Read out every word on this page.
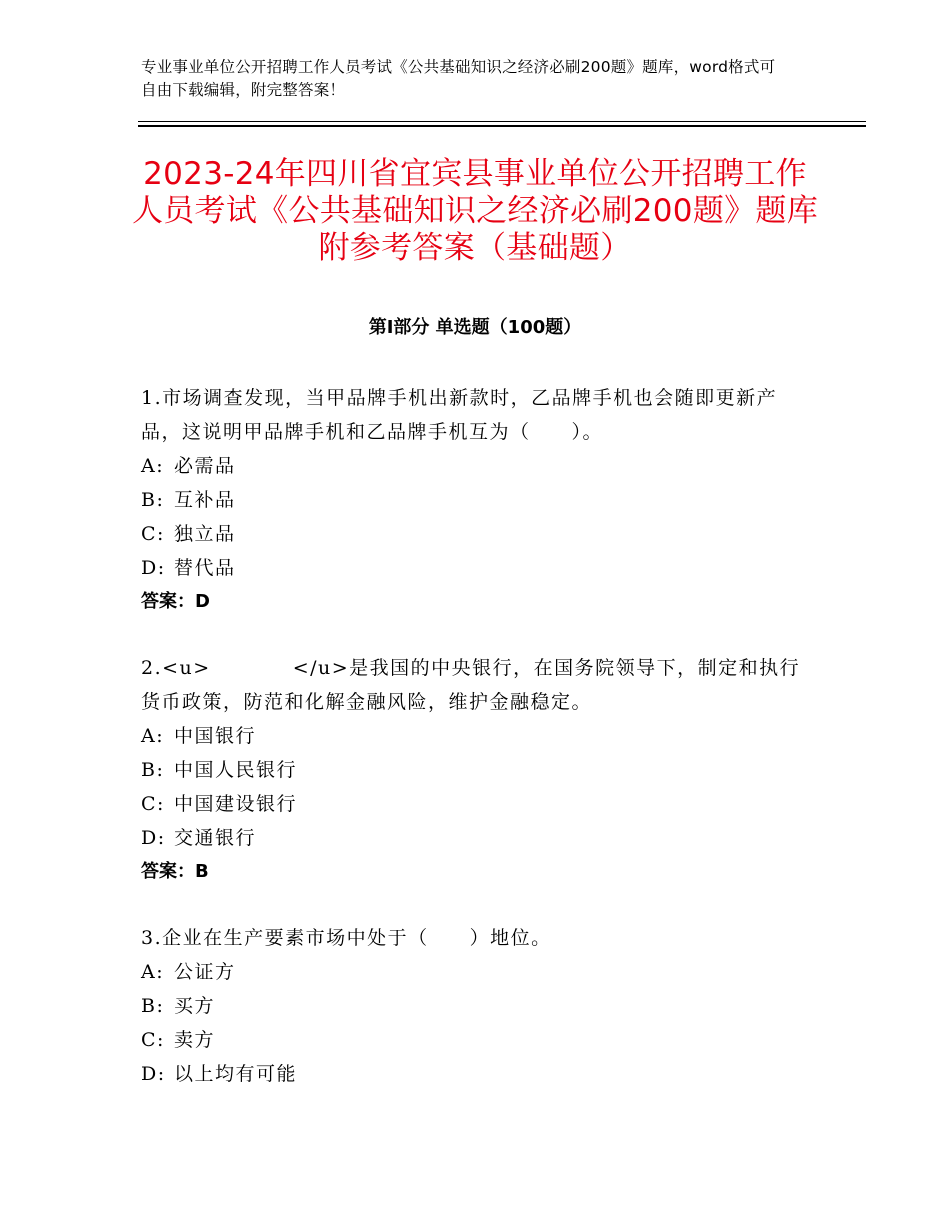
专业事业单位公开招聘工作人员考试《公共基础知识之经济必刷200题》题库，word格式可自由下载编辑，附完整答案！
2023-24年四川省宜宾县事业单位公开招聘工作人员考试《公共基础知识之经济必刷200题》题库附参考答案（基础题）
第Ⅰ部分 单选题（100题）
1.市场调查发现，当甲品牌手机出新款时，乙品牌手机也会随即更新产品，这说明甲品牌手机和乙品牌手机互为（　　）。
A: 必需品
B: 互补品
C: 独立品
D: 替代品
答案：D
2.<u>　　　　</u>是我国的中央银行，在国务院领导下，制定和执行货币政策，防范和化解金融风险，维护金融稳定。
A: 中国银行
B: 中国人民银行
C: 中国建设银行
D: 交通银行
答案：B
3.企业在生产要素市场中处于（　　）地位。
A: 公证方
B: 买方
C: 卖方
D: 以上均有可能
